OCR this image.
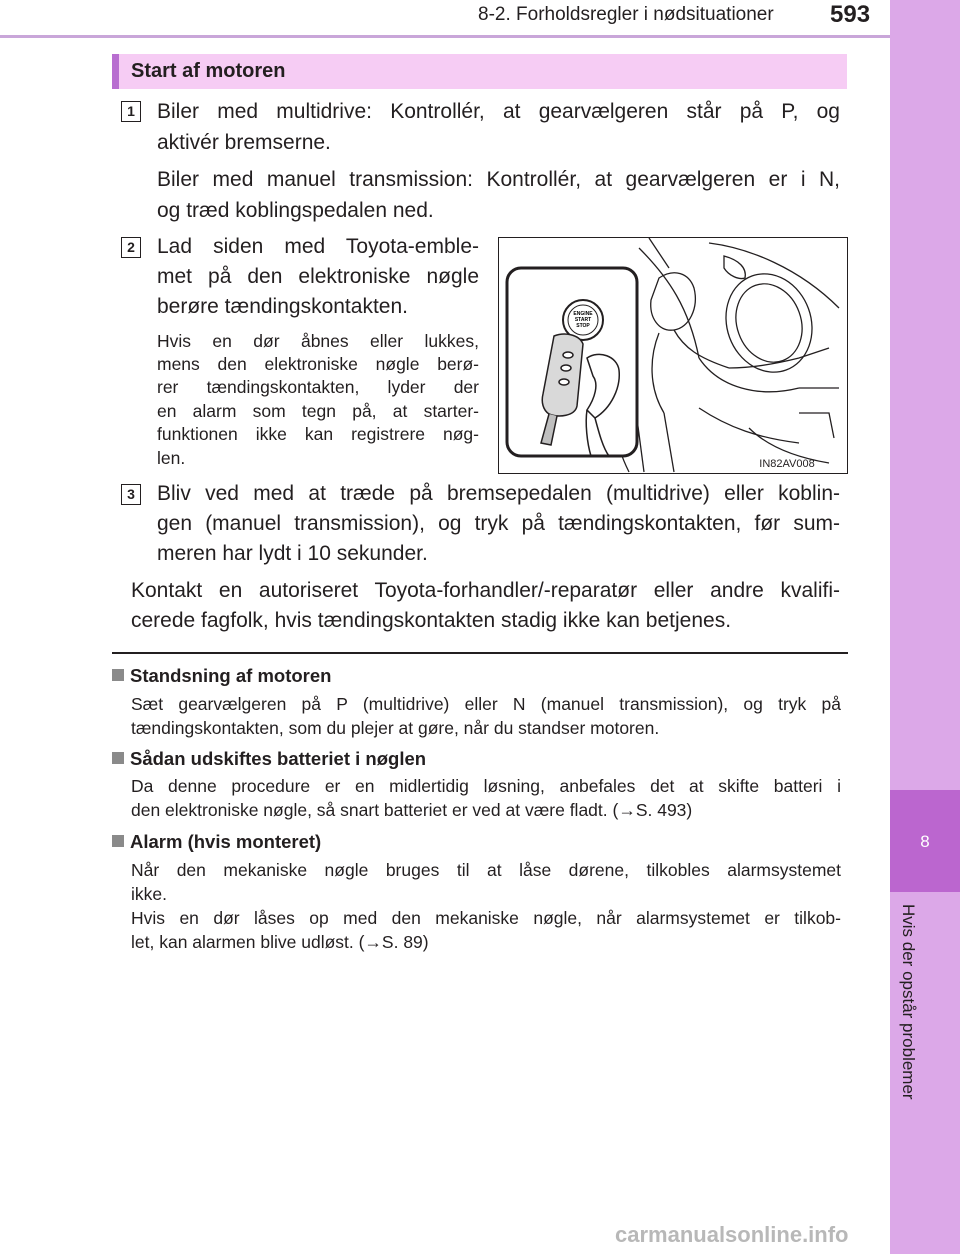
8-2. Forholdsregler i nødsituationer 593
8
Hvis der opstår problemer
Start af motoren
1 Biler med multidrive: Kontrollér, at gearvælgeren står på P, og
aktivér bremserne.
Biler med manuel transmission: Kontrollér, at gearvælgeren er i N,
og træd koblingspedalen ned.
2 Lad siden med Toyota-emble-
met på den elektroniske nøgle
berøre tændingskontakten.
Hvis en dør åbnes eller lukkes,
mens den elektroniske nøgle berø-
rer tændingskontakten, lyder der
en alarm som tegn på, at starter-
funktionen ikke kan registrere nøg-
len.
ENGINE
START
STOP
IN82AV008
3 Bliv ved med at træde på bremsepedalen (multidrive) eller koblin-
gen (manuel transmission), og tryk på tændingskontakten, før sum-
meren har lydt i 10 sekunder.
Kontakt en autoriseret Toyota-forhandler/-reparatør eller andre kvalifi-
cerede fagfolk, hvis tændingskontakten stadig ikke kan betjenes.
Standsning af motoren
Sæt gearvælgeren på P (multidrive) eller N (manuel transmission), og tryk på
tændingskontakten, som du plejer at gøre, når du standser motoren.
Sådan udskiftes batteriet i nøglen
Da denne procedure er en midlertidig løsning, anbefales det at skifte batteri i
den elektroniske nøgle, så snart batteriet er ved at være fladt. (→S. 493)
Alarm (hvis monteret)
Når den mekaniske nøgle bruges til at låse dørene, tilkobles alarmsystemet
ikke.
Hvis en dør låses op med den mekaniske nøgle, når alarmsystemet er tilkob-
let, kan alarmen blive udløst. (→S. 89)
carmanualsonline.info
